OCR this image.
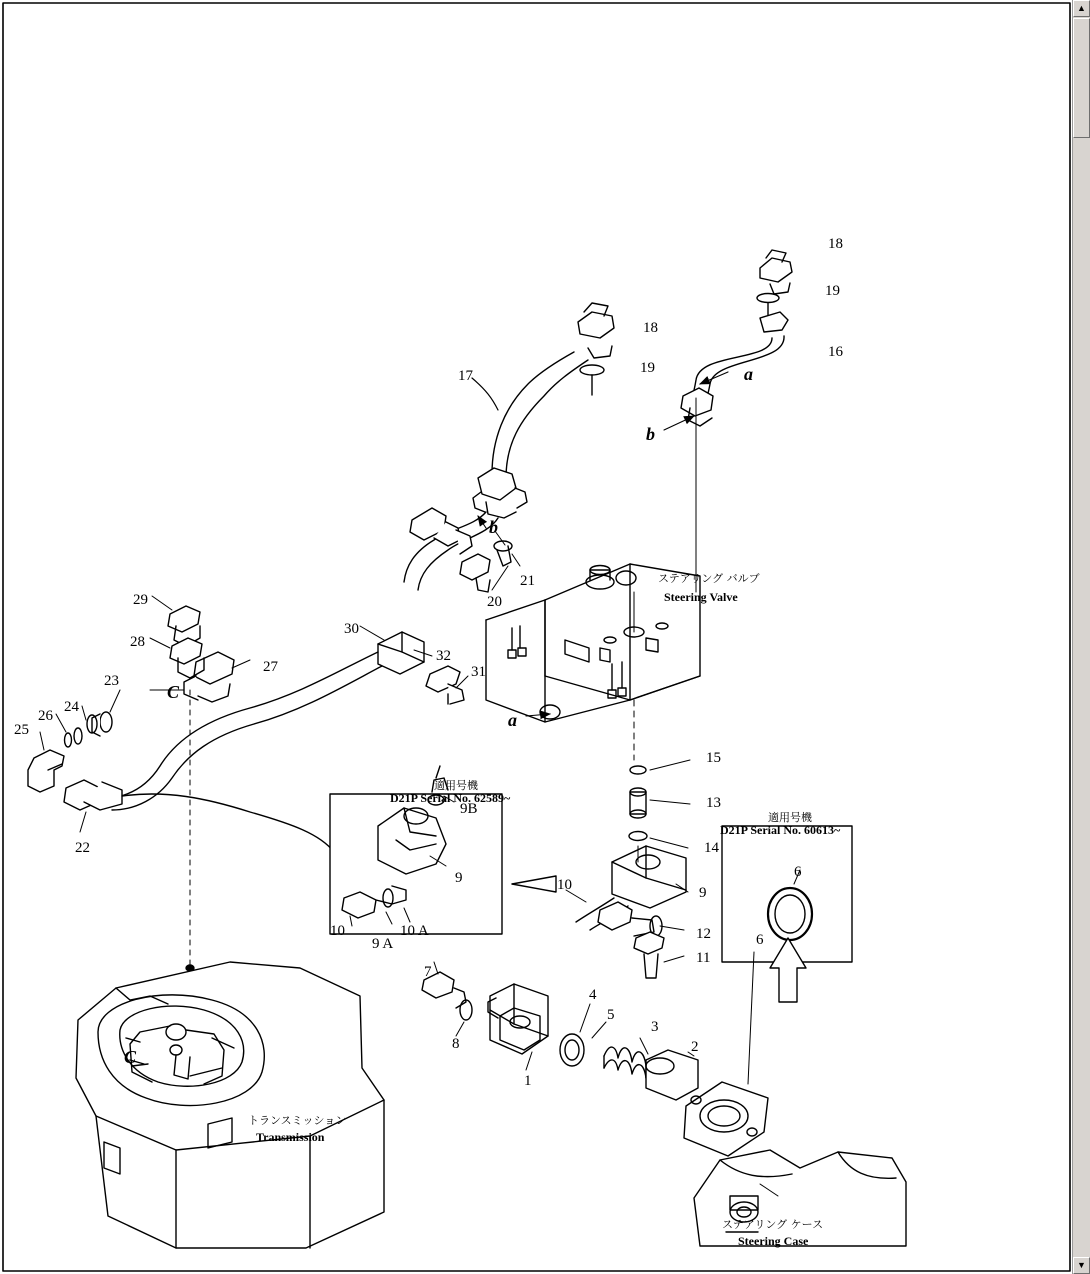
18
19
16
18
19
17	a
b
b
21
20
29
28
30
32
31
23
27
C
24
26
25	a
22
15
13
14
9B
9
10 A
9 A
10
10	9
12
11
6
6
7
8
4
5
3
2
1
C
適用号機
D21P Serial No. 62589~
適用号機
D21P Serial No. 60613~
ステアリング バルブ
Steering Valve
トランスミッション
Transmission
ステアリング ケース
Steering Case
▲
▼
